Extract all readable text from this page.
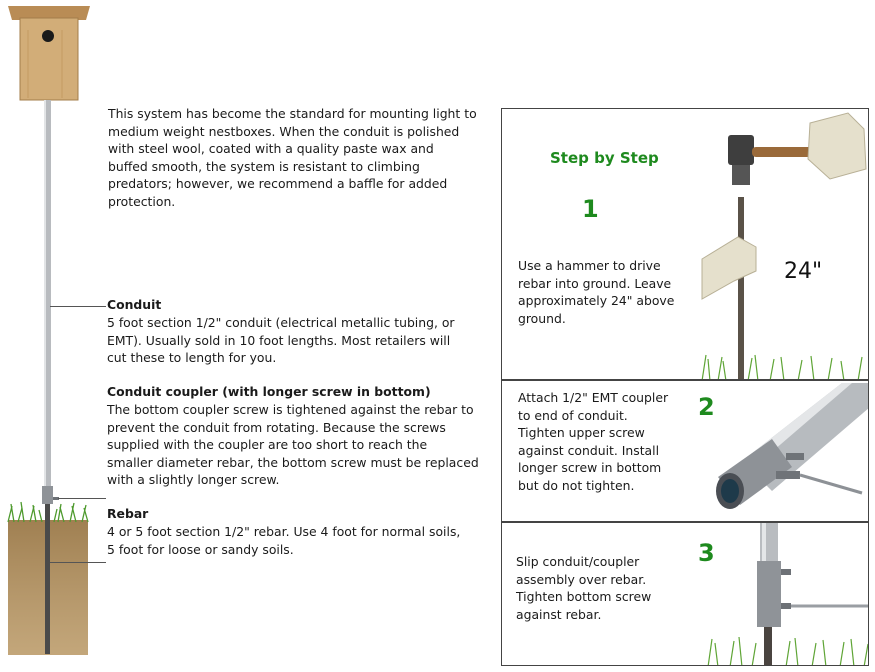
This system has become the standard for mounting light to
medium weight nestboxes. When the conduit is polished
with steel wool, coated with a quality paste wax and
buffed smooth, the system is resistant to climbing
predators; however, we recommend a baffle for added
protection.
Conduit
5 foot section 1/2" conduit (electrical metallic tubing, or
EMT). Usually sold in 10 foot lengths. Most retailers will
cut these to length for you.
Conduit coupler (with longer screw in bottom)
The bottom coupler screw is tightened against the rebar to
prevent the conduit from rotating. Because the screws
supplied with the coupler are too short to reach the
smaller diameter rebar, the bottom screw must be replaced
with a slightly longer screw.
Rebar
4 or 5 foot section 1/2" rebar. Use 4 foot for normal soils,
5 foot for loose or sandy soils.
Step by Step
1
Use a hammer to drive
rebar into ground. Leave
approximately 24" above
ground.
24"
Attach 1/2" EMT coupler
to end of conduit.
Tighten upper screw
against conduit. Install
longer screw in bottom
but do not tighten.
2
Slip conduit/coupler
assembly over rebar.
Tighten bottom screw
against rebar.
3
